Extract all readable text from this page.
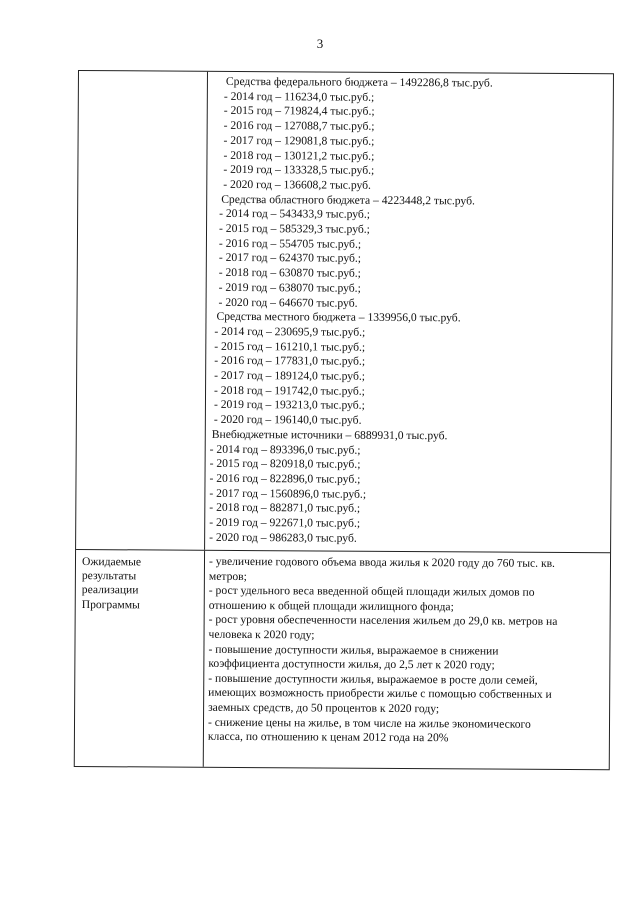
3
Средства федерального бюджета – 1492286,8 тыс.руб.
- 2014 год – 116234,0 тыс.руб.;
- 2015 год – 719824,4 тыс.руб.;
- 2016 год – 127088,7 тыс.руб.;
- 2017 год – 129081,8 тыс.руб.;
- 2018 год – 130121,2 тыс.руб.;
- 2019 год – 133328,5 тыс.руб.;
- 2020 год – 136608,2 тыс.руб.
Средства областного бюджета – 4223448,2 тыс.руб.
- 2014 год – 543433,9 тыс.руб.;
- 2015 год – 585329,3 тыс.руб.;
- 2016 год – 554705 тыс.руб.;
- 2017 год – 624370 тыс.руб.;
- 2018 год – 630870 тыс.руб.;
- 2019 год – 638070 тыс.руб.;
- 2020 год – 646670 тыс.руб.
Средства местного бюджета – 1339956,0 тыс.руб.
- 2014 год – 230695,9 тыс.руб.;
- 2015 год – 161210,1 тыс.руб.;
- 2016 год – 177831,0 тыс.руб.;
- 2017 год – 189124,0 тыс.руб.;
- 2018 год – 191742,0 тыс.руб.;
- 2019 год – 193213,0 тыс.руб.;
- 2020 год – 196140,0 тыс.руб.
Внебюджетные источники – 6889931,0 тыс.руб.
- 2014 год – 893396,0 тыс.руб.;
- 2015 год – 820918,0 тыс.руб.;
- 2016 год – 822896,0 тыс.руб.;
- 2017 год – 1560896,0 тыс.руб.;
- 2018 год – 882871,0 тыс.руб.;
- 2019 год – 922671,0 тыс.руб.;
- 2020 год – 986283,0 тыс.руб.
Ожидаемые
результаты
реализации
Программы
- увеличение годового объема ввода жилья к 2020 году до 760 тыс. кв.
метров;
- рост удельного веса введенной общей площади жилых домов по
отношению к общей площади жилищного фонда;
- рост уровня обеспеченности населения жильем до 29,0 кв. метров на
человека к 2020 году;
- повышение доступности жилья, выражаемое в снижении
коэффициента доступности жилья, до 2,5 лет к 2020 году;
- повышение доступности жилья, выражаемое в росте доли семей,
имеющих возможность приобрести жилье с помощью собственных и
заемных средств, до 50 процентов к 2020 году;
- снижение цены на жилье, в том числе на жилье экономического
класса, по отношению к ценам 2012 года на 20%
